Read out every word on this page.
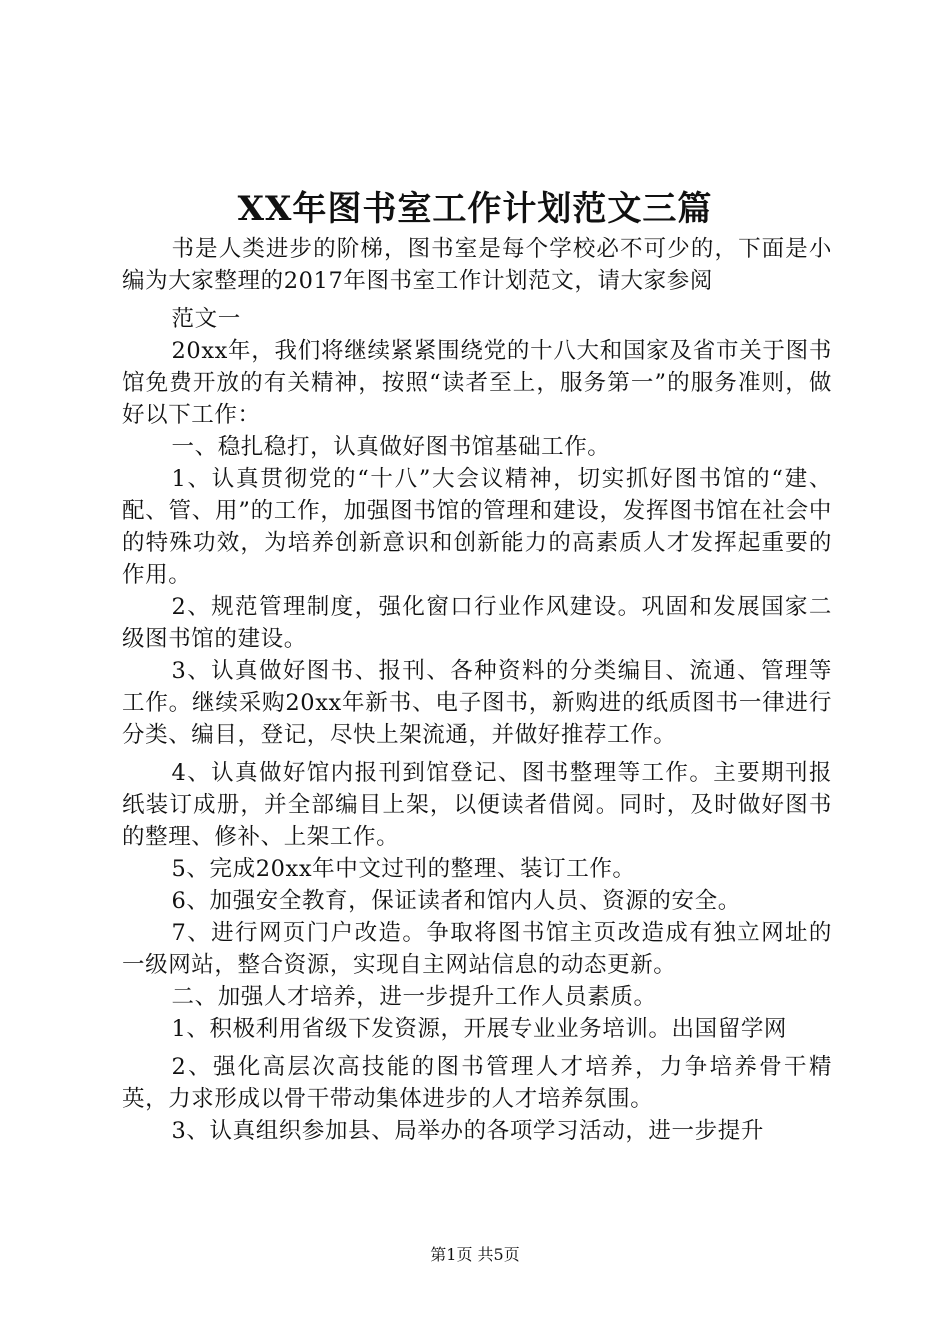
XX年图书室工作计划范文三篇

书是人类进步的阶梯，图书室是每个学校必不可少的，下面是小编为大家整理的2017年图书室工作计划范文，请大家参阅

范文一

20xx年，我们将继续紧紧围绕党的十八大和国家及省市关于图书馆免费开放的有关精神，按照“读者至上，服务第一”的服务准则，做好以下工作：

一、稳扎稳打，认真做好图书馆基础工作。

1、认真贯彻党的“十八”大会议精神，切实抓好图书馆的“建、配、管、用”的工作，加强图书馆的管理和建设，发挥图书馆在社会中的特殊功效，为培养创新意识和创新能力的高素质人才发挥起重要的作用。

2、规范管理制度，强化窗口行业作风建设。巩固和发展国家二级图书馆的建设。

3、认真做好图书、报刊、各种资料的分类编目、流通、管理等工作。继续采购20xx年新书、电子图书，新购进的纸质图书一律进行分类、编目，登记，尽快上架流通，并做好推荐工作。

4、认真做好馆内报刊到馆登记、图书整理等工作。主要期刊报纸装订成册，并全部编目上架，以便读者借阅。同时，及时做好图书的整理、修补、上架工作。

5、完成20xx年中文过刊的整理、装订工作。

6、加强安全教育，保证读者和馆内人员、资源的安全。

7、进行网页门户改造。争取将图书馆主页改造成有独立网址的一级网站，整合资源，实现自主网站信息的动态更新。

二、加强人才培养，进一步提升工作人员素质。

1、积极利用省级下发资源，开展专业业务培训。出国留学网

2、强化高层次高技能的图书管理人才培养，力争培养骨干精英，力求形成以骨干带动集体进步的人才培养氛围。

3、认真组织参加县、局举办的各项学习活动，进一步提升

第1页 共5页
